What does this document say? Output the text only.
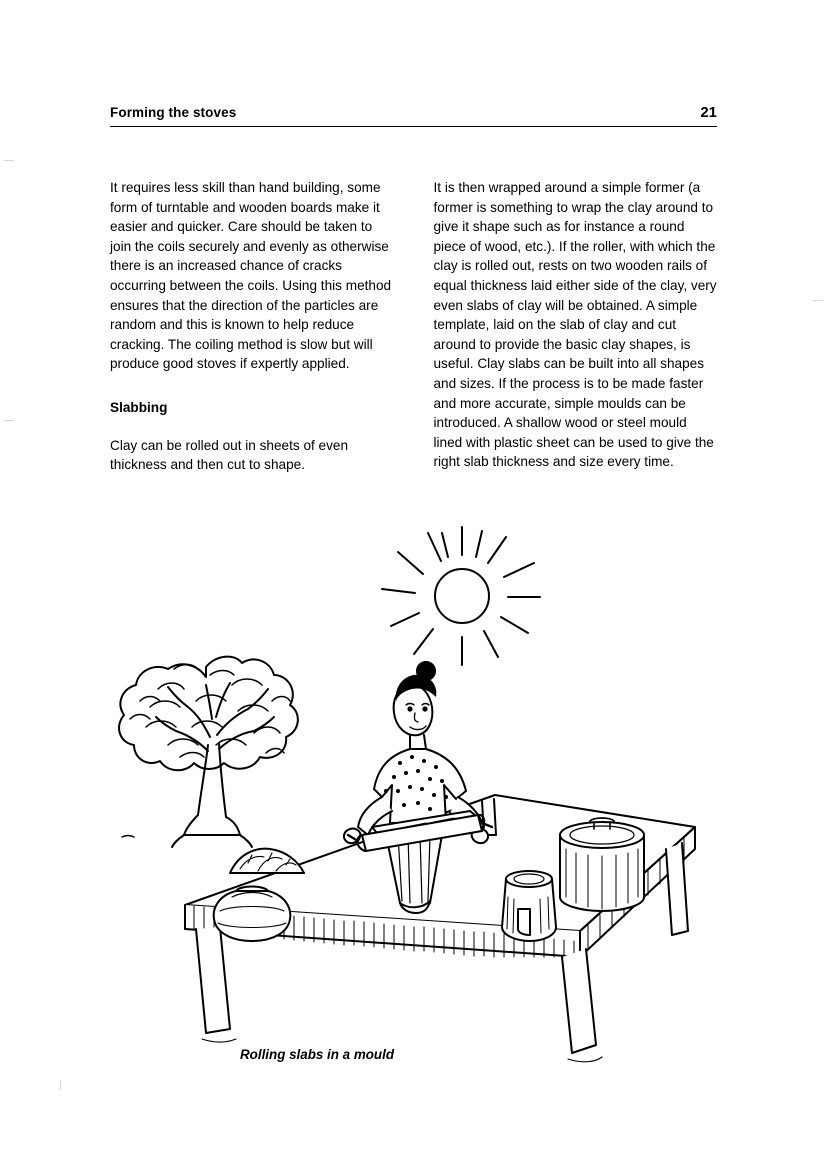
Forming the stoves	21

It requires less skill than hand building, some form of turntable and wooden boards make it easier and quicker. Care should be taken to join the coils securely and evenly as otherwise there is an increased chance of cracks occurring between the coils. Using this method ensures that the direction of the particles are random and this is known to help reduce cracking. The coiling method is slow but will produce good stoves if expertly applied.

Slabbing

Clay can be rolled out in sheets of even thickness and then cut to shape.

It is then wrapped around a simple former (a former is something to wrap the clay around to give it shape such as for instance a round piece of wood, etc.). If the roller, with which the clay is rolled out, rests on two wooden rails of equal thickness laid either side of the clay, very even slabs of clay will be obtained. A simple template, laid on the slab of clay and cut around to provide the basic clay shapes, is useful. Clay slabs can be built into all shapes and sizes. If the process is to be made faster and more accurate, simple moulds can be introduced. A shallow wood or steel mould lined with plastic sheet can be used to give the right slab thickness and size every time.

Rolling slabs in a mould
